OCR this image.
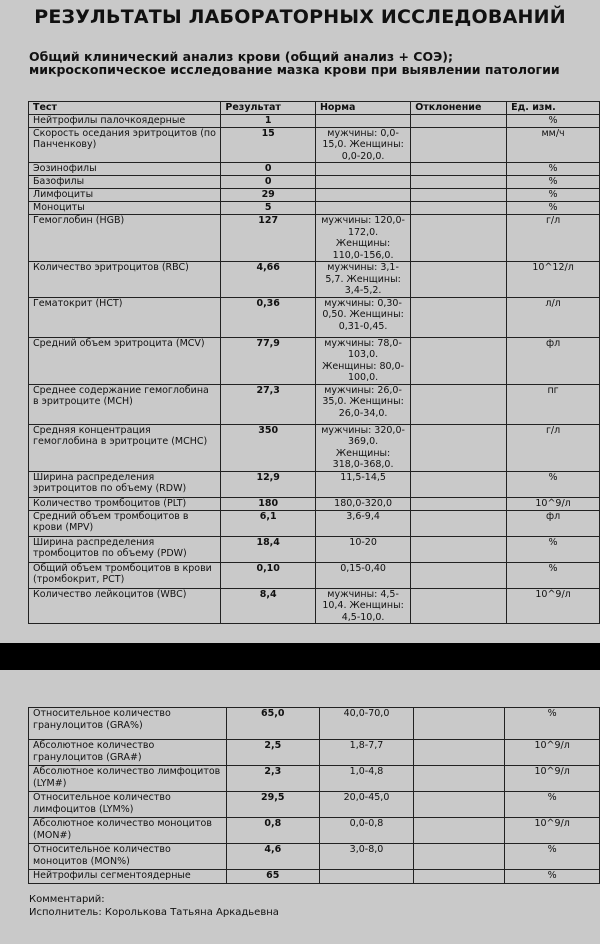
РЕЗУЛЬТАТЫ ЛАБОРАТОРНЫХ ИССЛЕДОВАНИЙ
Общий клинический анализ крови (общий анализ + СОЭ); микроскопическое исследование мазка крови при выявлении патологии
Тест	Результат	Норма	Отклонение	Ед. изм.
Нейтрофилы палочкоядерные	1			%
Скорость оседания эритроцитов (по Панченкову)	15	мужчины: 0,0-15,0. Женщины: 0,0-20,0.		мм/ч
Эозинофилы	0			%
Базофилы	0			%
Лимфоциты	29			%
Моноциты	5			%
Гемоглобин (HGB)	127	мужчины: 120,0-172,0. Женщины: 110,0-156,0.		г/л
Количество эритроцитов (RBC)	4,66	мужчины: 3,1-5,7. Женщины: 3,4-5,2.		10^12/л
Гематокрит (HCT)	0,36	мужчины: 0,30-0,50. Женщины: 0,31-0,45.		л/л
Средний объем эритроцита (MCV)	77,9	мужчины: 78,0-103,0. Женщины: 80,0-100,0.		фл
Среднее содержание гемоглобина в эритроците (MCH)	27,3	мужчины: 26,0-35,0. Женщины: 26,0-34,0.		пг
Средняя концентрация гемоглобина в эритроците (MCHC)	350	мужчины: 320,0-369,0. Женщины: 318,0-368,0.		г/л
Ширина распределения эритроцитов по объему (RDW)	12,9	11,5-14,5		%
Количество тромбоцитов (PLT)	180	180,0-320,0		10^9/л
Средний объем тромбоцитов в крови (MPV)	6,1	3,6-9,4		фл
Ширина распределения тромбоцитов по объему (PDW)	18,4	10-20		%
Общий объем тромбоцитов в крови (тромбокрит, PCT)	0,10	0,15-0,40		%
Количество лейкоцитов (WBC)	8,4	мужчины: 4,5-10,4. Женщины: 4,5-10,0.		10^9/л
Относительное количество гранулоцитов (GRA%)	65,0	40,0-70,0		%
Абсолютное количество гранулоцитов (GRA#)	2,5	1,8-7,7		10^9/л
Абсолютное количество лимфоцитов (LYM#)	2,3	1,0-4,8		10^9/л
Относительное количество лимфоцитов (LYM%)	29,5	20,0-45,0		%
Абсолютное количество моноцитов (MON#)	0,8	0,0-0,8		10^9/л
Относительное количество моноцитов (MON%)	4,6	3,0-8,0		%
Нейтрофилы сегментоядерные	65			%
Комментарий:
Исполнитель: Королькова Татьяна Аркадьевна
